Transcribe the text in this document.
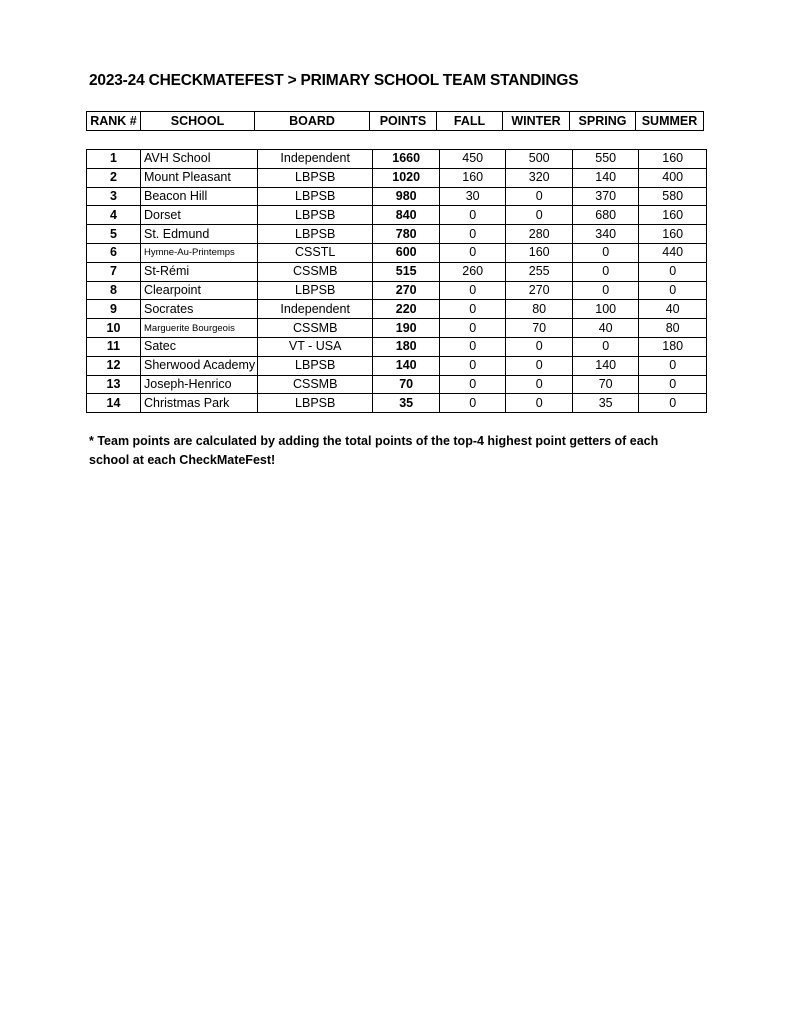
2023-24 CHECKMATEFEST > PRIMARY SCHOOL TEAM STANDINGS
RANK #	SCHOOL	BOARD	POINTS	FALL	WINTER	SPRING	SUMMER
1	AVH School	Independent	1660	450	500	550	160
2	Mount Pleasant	LBPSB	1020	160	320	140	400
3	Beacon Hill	LBPSB	980	30	0	370	580
4	Dorset	LBPSB	840	0	0	680	160
5	St. Edmund	LBPSB	780	0	280	340	160
6	Hymne-Au-Printemps	CSSTL	600	0	160	0	440
7	St-Rémi	CSSMB	515	260	255	0	0
8	Clearpoint	LBPSB	270	0	270	0	0
9	Socrates	Independent	220	0	80	100	40
10	Marguerite Bourgeois	CSSMB	190	0	70	40	80
11	Satec	VT - USA	180	0	0	0	180
12	Sherwood Academy	LBPSB	140	0	0	140	0
13	Joseph-Henrico	CSSMB	70	0	0	70	0
14	Christmas Park	LBPSB	35	0	0	35	0
* Team points are calculated by adding the total points of the top-4 highest point getters of each school at each CheckMateFest!
